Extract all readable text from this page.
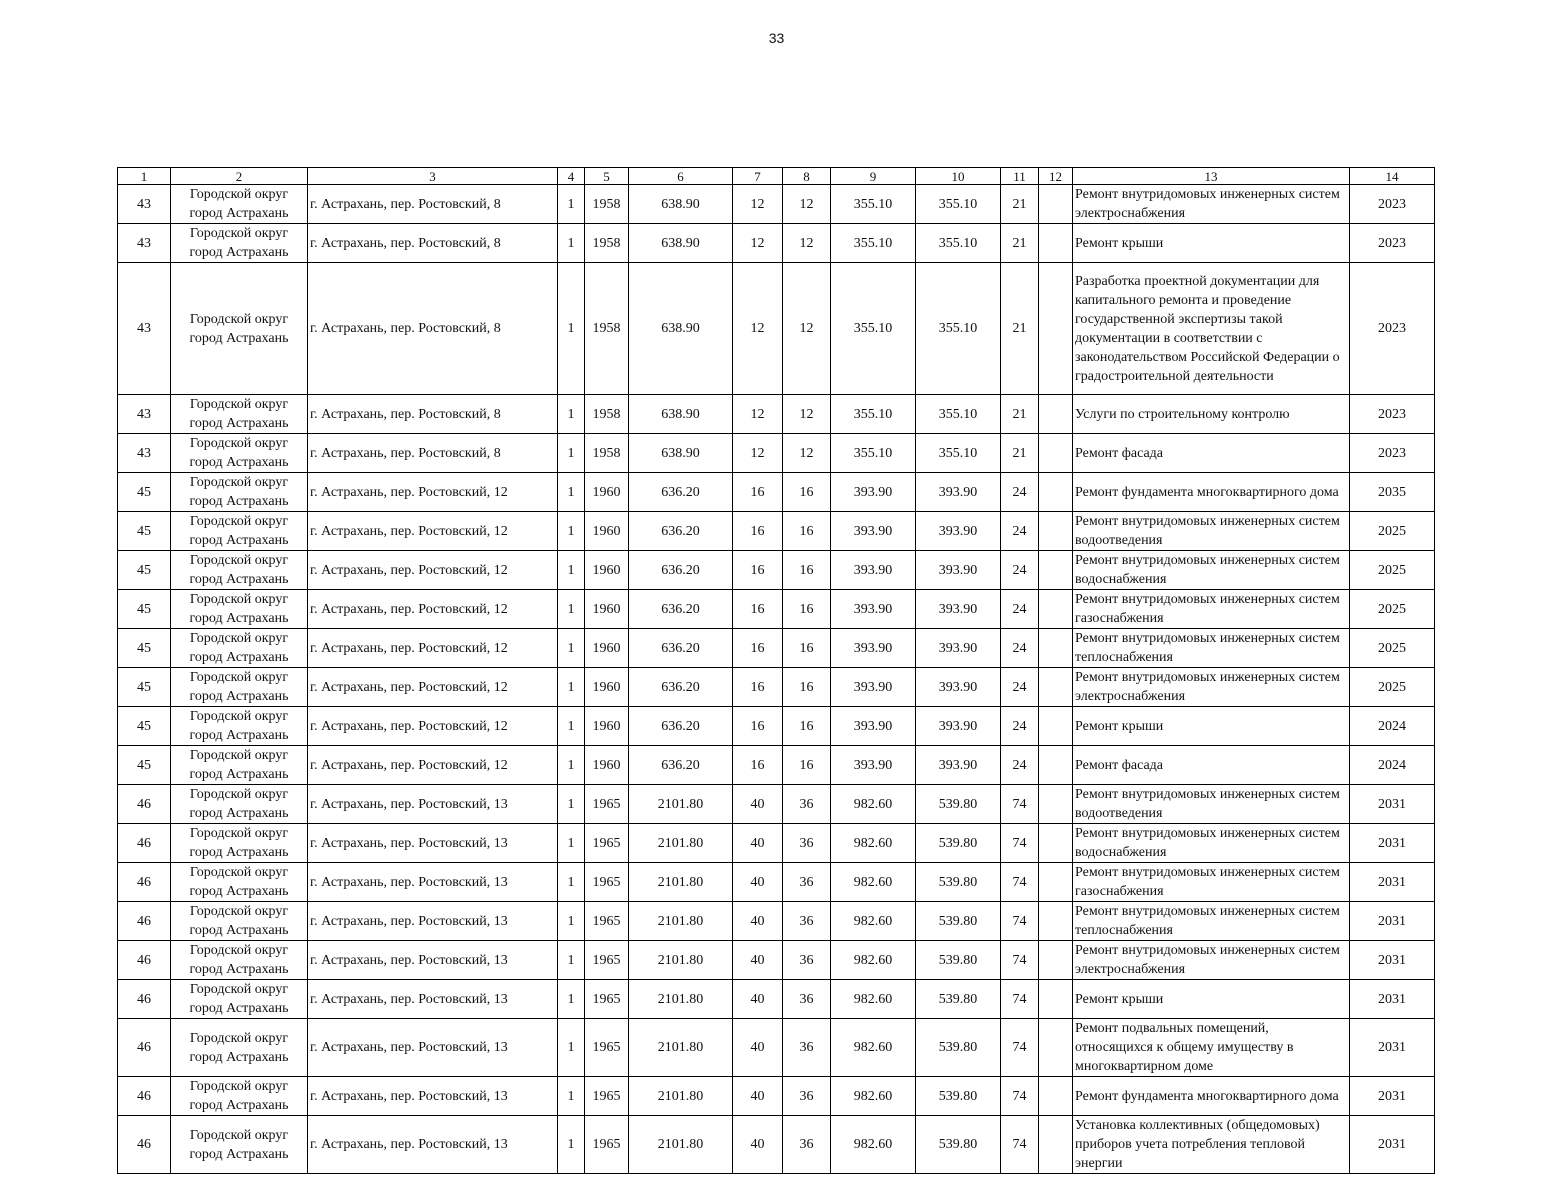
33
1	2	3	4	5	6	7	8	9	10	11	12	13	14
43	Городской округ город Астрахань	г. Астрахань, пер. Ростовский, 8	1	1958	638.90	12	12	355.10	355.10	21		Ремонт внутридомовых инженерных систем электроснабжения	2023
43	Городской округ город Астрахань	г. Астрахань, пер. Ростовский, 8	1	1958	638.90	12	12	355.10	355.10	21		Ремонт крыши	2023
43	Городской округ город Астрахань	г. Астрахань, пер. Ростовский, 8	1	1958	638.90	12	12	355.10	355.10	21		Разработка проектной документации для капитального ремонта и проведение государственной экспертизы такой документации в соответствии с законодательством Российской Федерации о градостроительной деятельности	2023
43	Городской округ город Астрахань	г. Астрахань, пер. Ростовский, 8	1	1958	638.90	12	12	355.10	355.10	21		Услуги по строительному контролю	2023
43	Городской округ город Астрахань	г. Астрахань, пер. Ростовский, 8	1	1958	638.90	12	12	355.10	355.10	21		Ремонт фасада	2023
45	Городской округ город Астрахань	г. Астрахань, пер. Ростовский, 12	1	1960	636.20	16	16	393.90	393.90	24		Ремонт фундамента многоквартирного дома	2035
45	Городской округ город Астрахань	г. Астрахань, пер. Ростовский, 12	1	1960	636.20	16	16	393.90	393.90	24		Ремонт внутридомовых инженерных систем водоотведения	2025
45	Городской округ город Астрахань	г. Астрахань, пер. Ростовский, 12	1	1960	636.20	16	16	393.90	393.90	24		Ремонт внутридомовых инженерных систем водоснабжения	2025
45	Городской округ город Астрахань	г. Астрахань, пер. Ростовский, 12	1	1960	636.20	16	16	393.90	393.90	24		Ремонт внутридомовых инженерных систем газоснабжения	2025
45	Городской округ город Астрахань	г. Астрахань, пер. Ростовский, 12	1	1960	636.20	16	16	393.90	393.90	24		Ремонт внутридомовых инженерных систем теплоснабжения	2025
45	Городской округ город Астрахань	г. Астрахань, пер. Ростовский, 12	1	1960	636.20	16	16	393.90	393.90	24		Ремонт внутридомовых инженерных систем электроснабжения	2025
45	Городской округ город Астрахань	г. Астрахань, пер. Ростовский, 12	1	1960	636.20	16	16	393.90	393.90	24		Ремонт крыши	2024
45	Городской округ город Астрахань	г. Астрахань, пер. Ростовский, 12	1	1960	636.20	16	16	393.90	393.90	24		Ремонт фасада	2024
46	Городской округ город Астрахань	г. Астрахань, пер. Ростовский, 13	1	1965	2101.80	40	36	982.60	539.80	74		Ремонт внутридомовых инженерных систем водоотведения	2031
46	Городской округ город Астрахань	г. Астрахань, пер. Ростовский, 13	1	1965	2101.80	40	36	982.60	539.80	74		Ремонт внутридомовых инженерных систем водоснабжения	2031
46	Городской округ город Астрахань	г. Астрахань, пер. Ростовский, 13	1	1965	2101.80	40	36	982.60	539.80	74		Ремонт внутридомовых инженерных систем газоснабжения	2031
46	Городской округ город Астрахань	г. Астрахань, пер. Ростовский, 13	1	1965	2101.80	40	36	982.60	539.80	74		Ремонт внутридомовых инженерных систем теплоснабжения	2031
46	Городской округ город Астрахань	г. Астрахань, пер. Ростовский, 13	1	1965	2101.80	40	36	982.60	539.80	74		Ремонт внутридомовых инженерных систем электроснабжения	2031
46	Городской округ город Астрахань	г. Астрахань, пер. Ростовский, 13	1	1965	2101.80	40	36	982.60	539.80	74		Ремонт крыши	2031
46	Городской округ город Астрахань	г. Астрахань, пер. Ростовский, 13	1	1965	2101.80	40	36	982.60	539.80	74		Ремонт подвальных помещений, относящихся к общему имуществу в многоквартирном доме	2031
46	Городской округ город Астрахань	г. Астрахань, пер. Ростовский, 13	1	1965	2101.80	40	36	982.60	539.80	74		Ремонт фундамента многоквартирного дома	2031
46	Городской округ город Астрахань	г. Астрахань, пер. Ростовский, 13	1	1965	2101.80	40	36	982.60	539.80	74		Установка коллективных (общедомовых) приборов учета потребления тепловой энергии	2031
